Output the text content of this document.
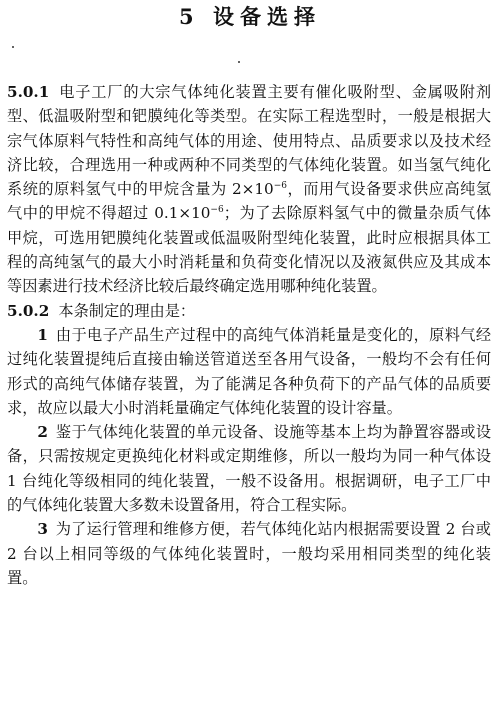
5 设备选择

5.0.1 电子工厂的大宗气体纯化装置主要有催化吸附型、金属吸附剂型、低温吸附型和钯膜纯化等类型。在实际工程选型时，一般是根据大宗气体原料气特性和高纯气体的用途、使用特点、品质要求以及技术经济比较，合理选用一种或两种不同类型的气体纯化装置。如当氢气纯化系统的原料氢气中的甲烷含量为 $2\times 10^{-6}$，而用气设备要求供应高纯氢气中的甲烷不得超过 $0.1\times 10^{-6}$；为了去除原料氢气中的微量杂质气体甲烷，可选用钯膜纯化装置或低温吸附型纯化装置，此时应根据具体工程的高纯氢气的最大小时消耗量和负荷变化情况以及液氮供应及其成本等因素进行技术经济比较后最终确定选用哪种纯化装置。

5.0.2 本条制定的理由是：

1 由于电子产品生产过程中的高纯气体消耗量是变化的，原料气经过纯化装置提纯后直接由输送管道送至各用气设备，一般均不会有任何形式的高纯气体储存装置，为了能满足各种负荷下的产品气体的品质要求，故应以最大小时消耗量确定气体纯化装置的设计容量。

2 鉴于气体纯化装置的单元设备、设施等基本上均为静置容器或设备，只需按规定更换纯化材料或定期维修，所以一般均为同一种气体设 1 台纯化等级相同的纯化装置，一般不设备用。根据调研，电子工厂中的气体纯化装置大多数未设置备用，符合工程实际。

3 为了运行管理和维修方便，若气体纯化站内根据需要设置 2 台或 2 台以上相同等级的气体纯化装置时，一般均采用相同类型的纯化装置。
